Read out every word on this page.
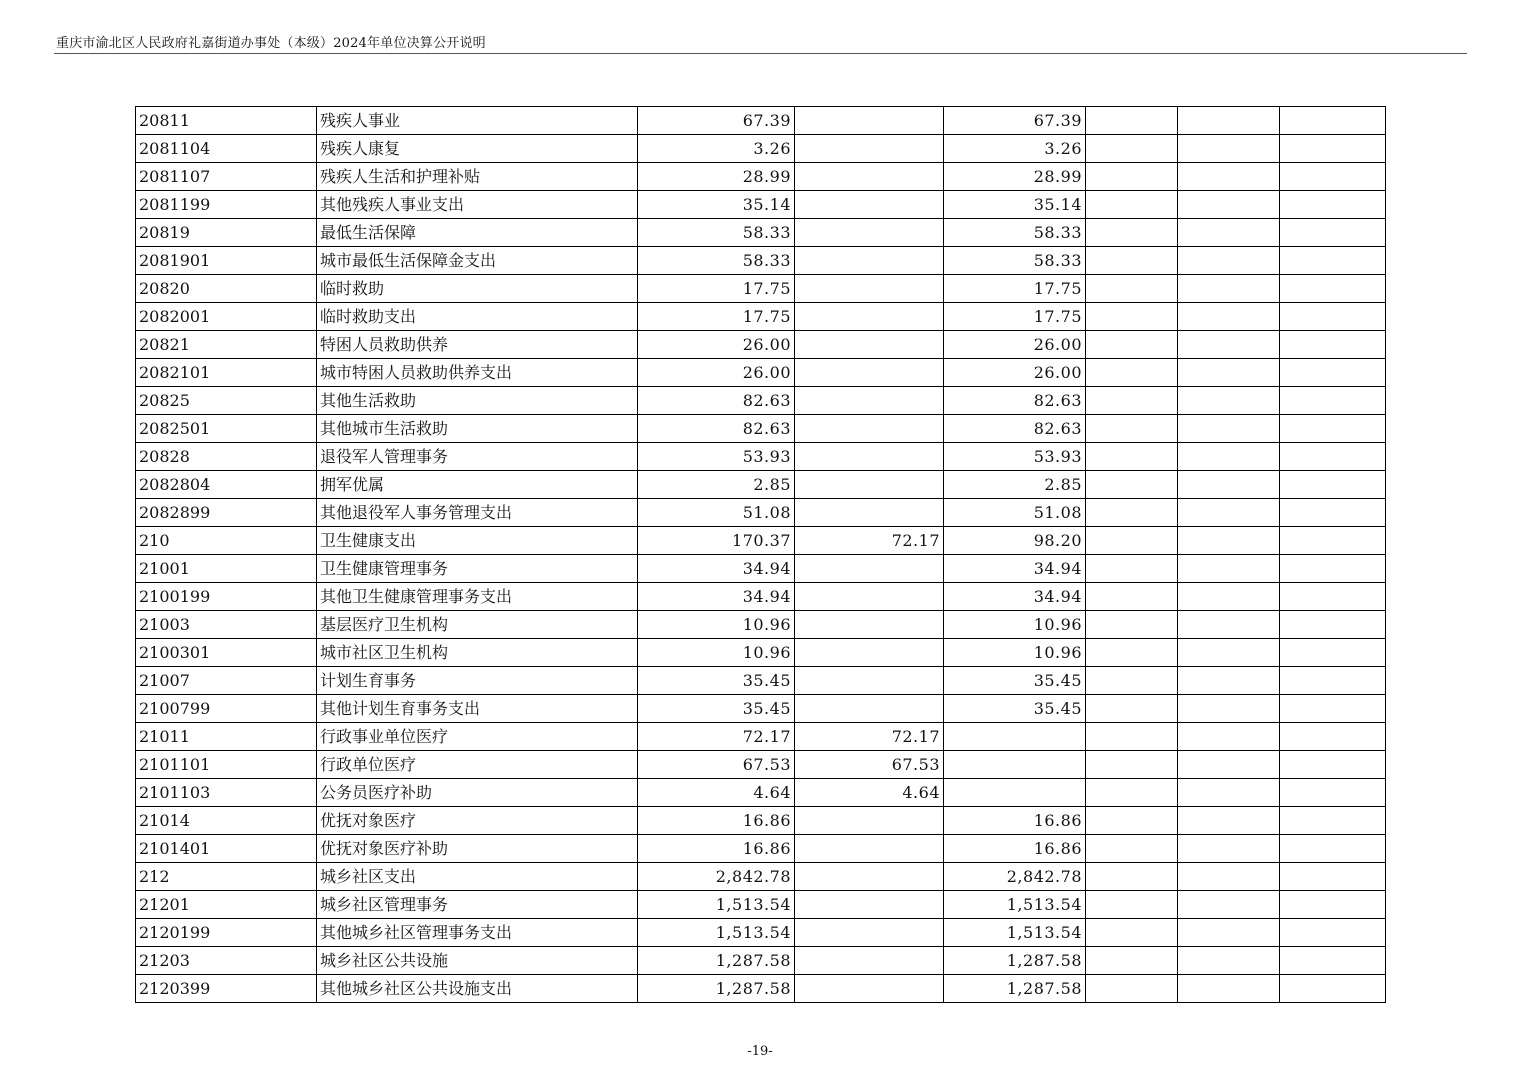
重庆市渝北区人民政府礼嘉街道办事处（本级）2024年单位决算公开说明
20811	残疾人事业	67.39		67.39			
2081104	残疾人康复	3.26		3.26			
2081107	残疾人生活和护理补贴	28.99		28.99			
2081199	其他残疾人事业支出	35.14		35.14			
20819	最低生活保障	58.33		58.33			
2081901	城市最低生活保障金支出	58.33		58.33			
20820	临时救助	17.75		17.75			
2082001	临时救助支出	17.75		17.75			
20821	特困人员救助供养	26.00		26.00			
2082101	城市特困人员救助供养支出	26.00		26.00			
20825	其他生活救助	82.63		82.63			
2082501	其他城市生活救助	82.63		82.63			
20828	退役军人管理事务	53.93		53.93			
2082804	拥军优属	2.85		2.85			
2082899	其他退役军人事务管理支出	51.08		51.08			
210	卫生健康支出	170.37	72.17	98.20			
21001	卫生健康管理事务	34.94		34.94			
2100199	其他卫生健康管理事务支出	34.94		34.94			
21003	基层医疗卫生机构	10.96		10.96			
2100301	城市社区卫生机构	10.96		10.96			
21007	计划生育事务	35.45		35.45			
2100799	其他计划生育事务支出	35.45		35.45			
21011	行政事业单位医疗	72.17	72.17				
2101101	行政单位医疗	67.53	67.53				
2101103	公务员医疗补助	4.64	4.64				
21014	优抚对象医疗	16.86		16.86			
2101401	优抚对象医疗补助	16.86		16.86			
212	城乡社区支出	2,842.78		2,842.78			
21201	城乡社区管理事务	1,513.54		1,513.54			
2120199	其他城乡社区管理事务支出	1,513.54		1,513.54			
21203	城乡社区公共设施	1,287.58		1,287.58			
2120399	其他城乡社区公共设施支出	1,287.58		1,287.58			
-19-
